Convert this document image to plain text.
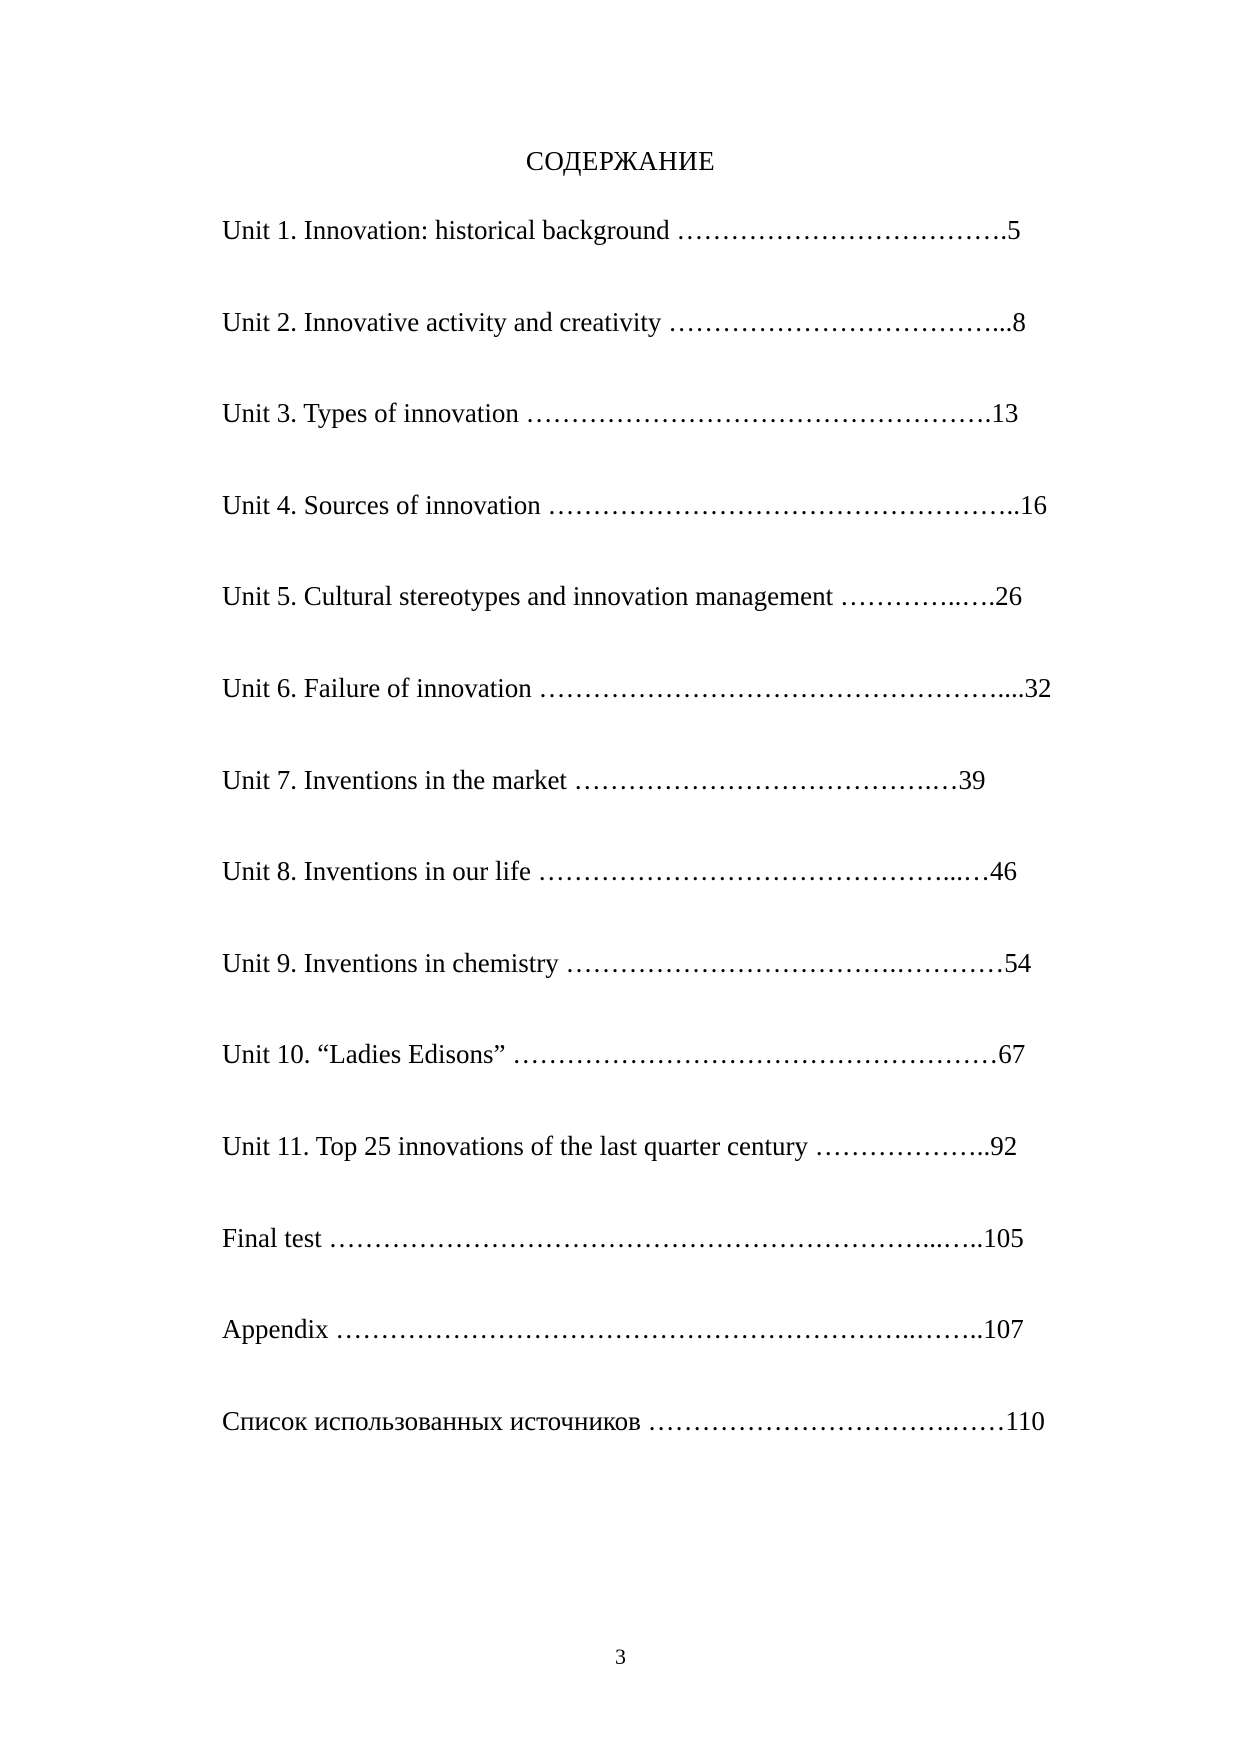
СОДЕРЖАНИЕ
Unit 1. Innovation: historical background ……………………………….5
Unit 2. Innovative activity and creativity ………………………………...8
Unit 3. Types of innovation …………………………………………….13
Unit 4. Sources of innovation ……………………………………………..16
Unit 5. Cultural stereotypes and innovation management …………..….26
Unit 6. Failure of innovation ……………………………………………....32
Unit 7. Inventions in the market ………………………………….…39
Unit 8. Inventions in our life ………………………………………...…46
Unit 9. Inventions in chemistry ……………………………….…………54
Unit 10. “Ladies Edisons” ………………………………………………67
Unit 11. Top 25 innovations of the last quarter century ………………..92
Final test …………………………………………………………...…..105
Appendix ………………………………………………………..……..107
Список использованных источников …………………………….……110
3
